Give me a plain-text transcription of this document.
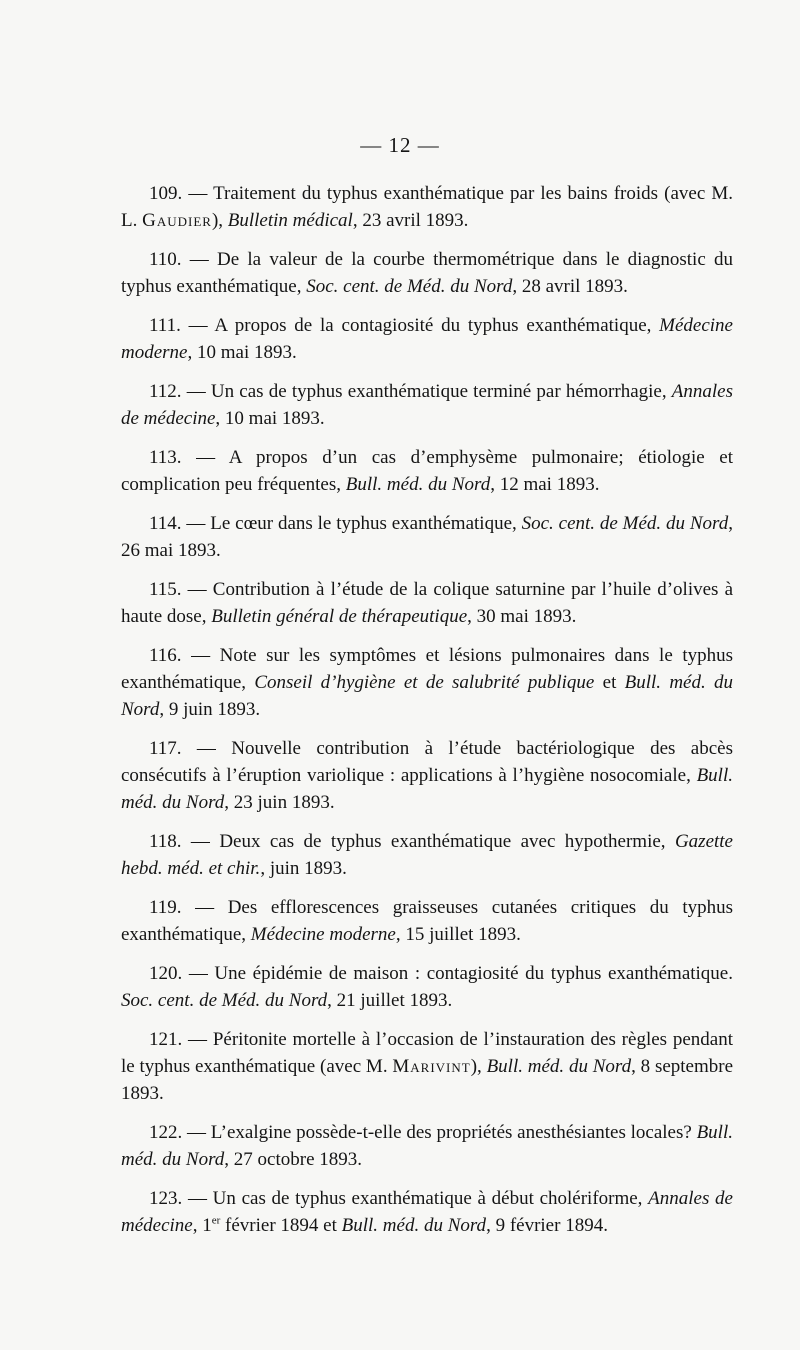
— 12 —

109. — Traitement du typhus exanthématique par les bains froids (avec M. L. Gaudier), Bulletin médical, 23 avril 1893.

110. — De la valeur de la courbe thermométrique dans le diagnostic du typhus exanthématique, Soc. cent. de Méd. du Nord, 28 avril 1893.

111. — A propos de la contagiosité du typhus exanthématique, Médecine moderne, 10 mai 1893.

112. — Un cas de typhus exanthématique terminé par hémorrhagie, Annales de médecine, 10 mai 1893.

113. — A propos d’un cas d’emphysème pulmonaire; étiologie et complication peu fréquentes, Bull. méd. du Nord, 12 mai 1893.

114. — Le cœur dans le typhus exanthématique, Soc. cent. de Méd. du Nord, 26 mai 1893.

115. — Contribution à l’étude de la colique saturnine par l’huile d’olives à haute dose, Bulletin général de thérapeutique, 30 mai 1893.

116. — Note sur les symptômes et lésions pulmonaires dans le typhus exanthématique, Conseil d’hygiène et de salubrité publique et Bull. méd. du Nord, 9 juin 1893.

117. — Nouvelle contribution à l’étude bactériologique des abcès consécutifs à l’éruption variolique : applications à l’hygiène nosocomiale, Bull. méd. du Nord, 23 juin 1893.

118. — Deux cas de typhus exanthématique avec hypothermie, Gazette hebd. méd. et chir., juin 1893.

119. — Des efflorescences graisseuses cutanées critiques du typhus exanthématique, Médecine moderne, 15 juillet 1893.

120. — Une épidémie de maison : contagiosité du typhus exanthématique. Soc. cent. de Méd. du Nord, 21 juillet 1893.

121. — Péritonite mortelle à l’occasion de l’instauration des règles pendant le typhus exanthématique (avec M. Marivint), Bull. méd. du Nord, 8 septembre 1893.

122. — L’exalgine possède-t-elle des propriétés anesthésiantes locales? Bull. méd. du Nord, 27 octobre 1893.

123. — Un cas de typhus exanthématique à début cholériforme, Annales de médecine, 1er février 1894 et Bull. méd. du Nord, 9 février 1894.
